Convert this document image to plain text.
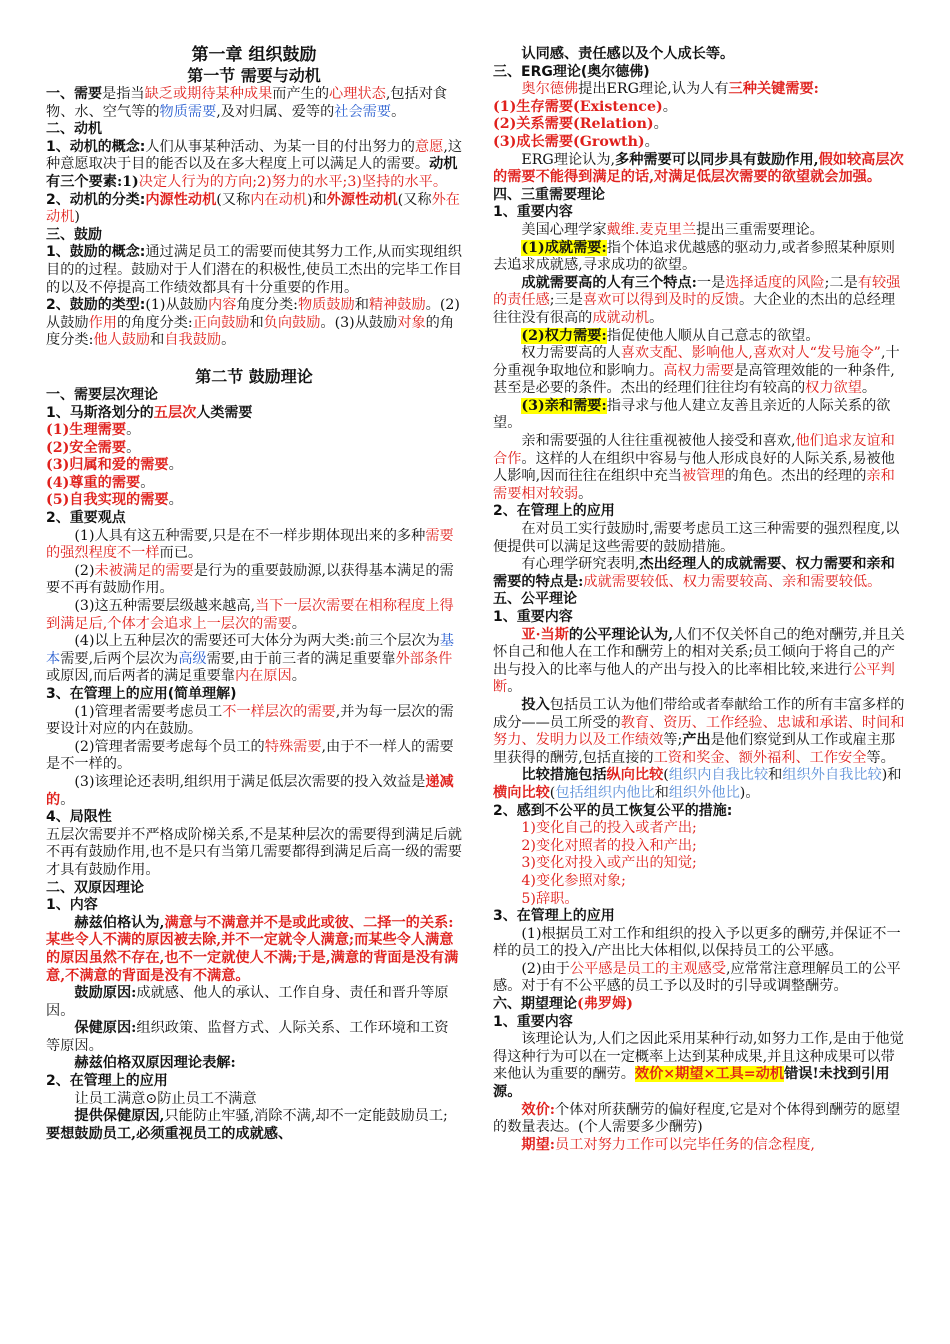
第一章 组织鼓励

第一节 需要与动机

一、需要是指当缺乏或期待某种成果而产生的心理状态,包括对食物、水、空气等的物质需要,及对归属、爱等的社会需要。

二、动机

1、动机的概念:人们从事某种活动、为某一目的付出努力的意愿,这种意愿取决于目的能否以及在多大程度上可以满足人的需要。动机有三个要素:1)决定人行为的方向;2)努力的水平;3)坚持的水平。

2、动机的分类:内源性动机(又称内在动机)和外源性动机(又称外在动机)

三、鼓励

1、鼓励的概念:通过满足员工的需要而使其努力工作,从而实现组织目的的过程。鼓励对于人们潜在的积极性,使员工杰出的完毕工作目的以及不停提高工作绩效都具有十分重要的作用。

2、鼓励的类型:(1)从鼓励内容角度分类:物质鼓励和精神鼓励。(2)从鼓励作用的角度分类:正向鼓励和负向鼓励。(3)从鼓励对象的角度分类:他人鼓励和自我鼓励。

第二节 鼓励理论

一、需要层次理论

1、马斯洛划分的五层次人类需要

(1)生理需要。

(2)安全需要。

(3)归属和爱的需要。

(4)尊重的需要。

(5)自我实现的需要。

2、重要观点

(1)人具有这五种需要,只是在不一样步期体现出来的多种需要的强烈程度不一样而已。

(2)未被满足的需要是行为的重要鼓励源,以获得基本满足的需要不再有鼓励作用。

(3)这五种需要层级越来越高,当下一层次需要在相称程度上得到满足后,个体才会追求上一层次的需要。

(4)以上五种层次的需要还可大体分为两大类:前三个层次为基本需要,后两个层次为高级需要,由于前三者的满足重要靠外部条件或原因,而后两者的满足重要靠内在原因。

3、在管理上的应用(简单理解)

(1)管理者需要考虑员工不一样层次的需要,并为每一层次的需要设计对应的内在鼓励。

(2)管理者需要考虑每个员工的特殊需要,由于不一样人的需要是不一样的。

(3)该理论还表明,组织用于满足低层次需要的投入效益是递减的。

4、局限性

五层次需要并不严格成阶梯关系,不是某种层次的需要得到满足后就不再有鼓励作用,也不是只有当第几需要都得到满足后高一级的需要才具有鼓励作用。

二、双原因理论

1、内容

赫兹伯格认为,满意与不满意并不是或此或彼、二择一的关系:某些令人不满的原因被去除,并不一定就令人满意;而某些令人满意的原因虽然不存在,也不一定就使人不满;于是,满意的背面是没有满意,不满意的背面是没有不满意。

鼓励原因:成就感、他人的承认、工作自身、责任和晋升等原因。

保健原因:组织政策、监督方式、人际关系、工作环境和工资等原因。

赫兹伯格双原因理论表解:

2、在管理上的应用

让员工满意⊙防止员工不满意

提供保健原因,只能防止牢骚,消除不满,却不一定能鼓励员工;要想鼓励员工,必须重视员工的成就感、

认同感、责任感以及个人成长等。

三、ERG理论(奥尔德佛)

奥尔德佛提出ERG理论,认为人有三种关键需要:

(1)生存需要(Existence)。

(2)关系需要(Relation)。

(3)成长需要(Growth)。

ERG理论认为,多种需要可以同步具有鼓励作用,假如较高层次的需要不能得到满足的话,对满足低层次需要的欲望就会加强。

四、三重需要理论

1、重要内容

美国心理学家戴维.麦克里兰提出三重需要理论。

(1)成就需要:指个体追求优越感的驱动力,或者参照某种原则去追求成就感,寻求成功的欲望。

成就需要高的人有三个特点:一是选择适度的风险;二是有较强的责任感;三是喜欢可以得到及时的反馈。大企业的杰出的总经理往往没有很高的成就动机。

(2)权力需要:指促使他人顺从自己意志的欲望。

权力需要高的人喜欢支配、影响他人,喜欢对人“发号施令”,十分重视争取地位和影响力。高权力需要是高管理效能的一种条件,甚至是必要的条件。杰出的经理们往往均有较高的权力欲望。

(3)亲和需要:指寻求与他人建立友善且亲近的人际关系的欲望。

亲和需要强的人往往重视被他人接受和喜欢,他们追求友谊和合作。这样的人在组织中容易与他人形成良好的人际关系,易被他人影响,因而往往在组织中充当被管理的角色。杰出的经理的亲和需要相对较弱。

2、在管理上的应用

在对员工实行鼓励时,需要考虑员工这三种需要的强烈程度,以便提供可以满足这些需要的鼓励措施。

有心理学研究表明,杰出经理人的成就需要、权力需要和亲和需要的特点是:成就需要较低、权力需要较高、亲和需要较低。

五、公平理论

1、重要内容

亚·当斯的公平理论认为,人们不仅关怀自己的绝对酬劳,并且关怀自己和他人在工作和酬劳上的相对关系;员工倾向于将自己的产出与投入的比率与他人的产出与投入的比率相比较,来进行公平判断。

投入包括员工认为他们带给或者奉献给工作的所有丰富多样的成分——员工所受的教育、资历、工作经验、忠诚和承诺、时间和努力、发明力以及工作绩效等;产出是他们察觉到从工作或雇主那里获得的酬劳,包括直接的工资和奖金、额外福利、工作安全等。

比较措施包括纵向比较(组织内自我比较和组织外自我比较)和横向比较(包括组织内他比和组织外他比)。

2、感到不公平的员工恢复公平的措施:

1)变化自己的投入或者产出;

2)变化对照者的投入和产出;

3)变化对投入或产出的知觉;

4)变化参照对象;

5)辞职。

3、在管理上的应用

(1)根据员工对工作和组织的投入予以更多的酬劳,并保证不一样的员工的投入/产出比大体相似,以保持员工的公平感。

(2)由于公平感是员工的主观感受,应常常注意理解员工的公平感。对于有不公平感的员工予以及时的引导或调整酬劳。

六、期望理论(弗罗姆)

1、重要内容

该理论认为,人们之因此采用某种行动,如努力工作,是由于他觉得这种行为可以在一定概率上达到某种成果,并且这种成果可以带来他认为重要的酬劳。效价×期望×工具=动机错误!未找到引用源。

效价:个体对所获酬劳的偏好程度,它是对个体得到酬劳的愿望的数量表达。(个人需要多少酬劳)

期望:员工对努力工作可以完毕任务的信念程度,
